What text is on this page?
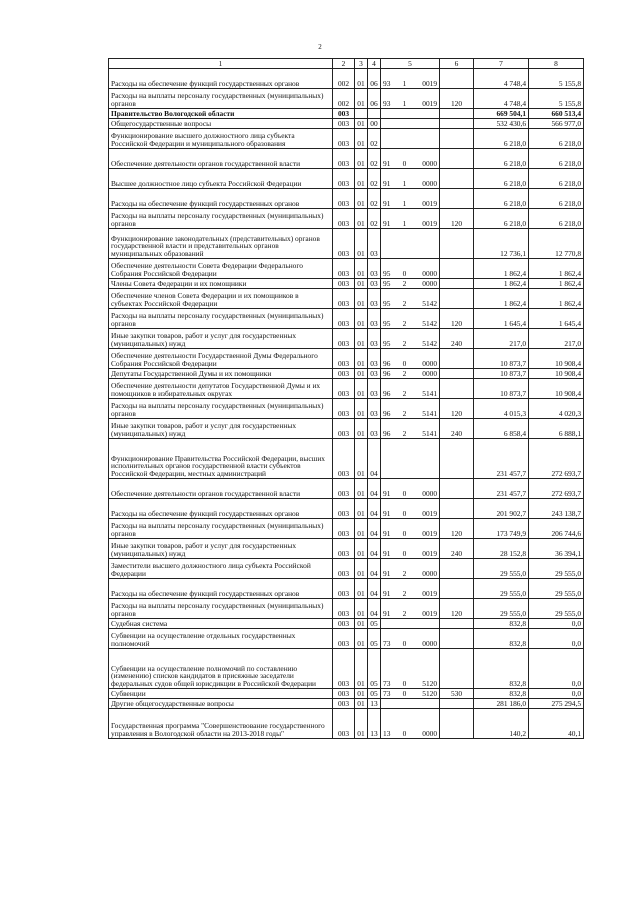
2
1	2	3	4	5			6	7	8
Расходы на обеспечение функций государственных органов	002	01	06	93	1	0019		4 748,4	5 155,8
Расходы на выплаты персоналу государственных (муниципальных) органов	002	01	06	93	1	0019	120	4 748,4	5 155,8
Правительство Вологодской области	003							669 504,1	660 513,4
Общегосударственные вопросы	003	01	00					532 430,6	566 977,0
Функционирование высшего должностного лица субъекта Российской Федерации и муниципального образования	003	01	02					6 218,0	6 218,0
Обеспечение деятельности органов государственной власти	003	01	02	91	0	0000		6 218,0	6 218,0
Высшее должностное лицо субъекта Российской Федерации	003	01	02	91	1	0000		6 218,0	6 218,0
Расходы на обеспечение функций государственных органов	003	01	02	91	1	0019		6 218,0	6 218,0
Расходы на выплаты персоналу государственных (муниципальных) органов	003	01	02	91	1	0019	120	6 218,0	6 218,0
Функционирование законодательных (представительных) органов государственной власти и представительных органов муниципальных образований	003	01	03					12 736,1	12 770,8
Обеспечение деятельности Совета Федерации Федерального Собрания Российской Федерации	003	01	03	95	0	0000		1 862,4	1 862,4
Члены Совета Федерации и их помощники	003	01	03	95	2	0000		1 862,4	1 862,4
Обеспечение членов Совета Федерации и их помощников в субъектах Российской Федерации	003	01	03	95	2	5142		1 862,4	1 862,4
Расходы на выплаты персоналу государственных (муниципальных) органов	003	01	03	95	2	5142	120	1 645,4	1 645,4
Иные закупки товаров, работ и услуг для государственных (муниципальных) нужд	003	01	03	95	2	5142	240	217,0	217,0
Обеспечение деятельности Государственной Думы Федерального Собрания Российской Федерации	003	01	03	96	0	0000		10 873,7	10 908,4
Депутаты Государственной Думы и их помощники	003	01	03	96	2	0000		10 873,7	10 908,4
Обеспечение деятельности депутатов Государственной Думы и их помощников в избирательных округах	003	01	03	96	2	5141		10 873,7	10 908,4
Расходы на выплаты персоналу государственных (муниципальных) органов	003	01	03	96	2	5141	120	4 015,3	4 020,3
Иные закупки товаров, работ и услуг для государственных (муниципальных) нужд	003	01	03	96	2	5141	240	6 858,4	6 888,1
Функционирование Правительства Российской Федерации, высших исполнительных органов государственной власти субъектов Российской Федерации, местных администраций	003	01	04					231 457,7	272 693,7
Обеспечение деятельности органов государственной власти	003	01	04	91	0	0000		231 457,7	272 693,7
Расходы на обеспечение функций государственных органов	003	01	04	91	0	0019		201 902,7	243 138,7
Расходы на выплаты персоналу государственных (муниципальных) органов	003	01	04	91	0	0019	120	173 749,9	206 744,6
Иные закупки товаров, работ и услуг для государственных (муниципальных) нужд	003	01	04	91	0	0019	240	28 152,8	36 394,1
Заместители высшего должностного лица субъекта Российской Федерации	003	01	04	91	2	0000		29 555,0	29 555,0
Расходы на обеспечение функций государственных органов	003	01	04	91	2	0019		29 555,0	29 555,0
Расходы на выплаты персоналу государственных (муниципальных) органов	003	01	04	91	2	0019	120	29 555,0	29 555,0
Судебная система	003	01	05					832,8	0,0
Субвенции на осуществление отдельных государственных полномочий	003	01	05	73	0	0000		832,8	0,0
Субвенции на осуществление полномочий по составлению (изменению) списков кандидатов в присяжные заседатели федеральных судов общей юрисдикции в Российской Федерации	003	01	05	73	0	5120		832,8	0,0
Субвенции	003	01	05	73	0	5120	530	832,8	0,0
Другие общегосударственные вопросы	003	01	13					281 186,0	275 294,5
Государственная программа "Совершенствование государственного управления в Вологодской области на 2013-2018 годы"	003	01	13	13	0	0000		140,2	40,1
